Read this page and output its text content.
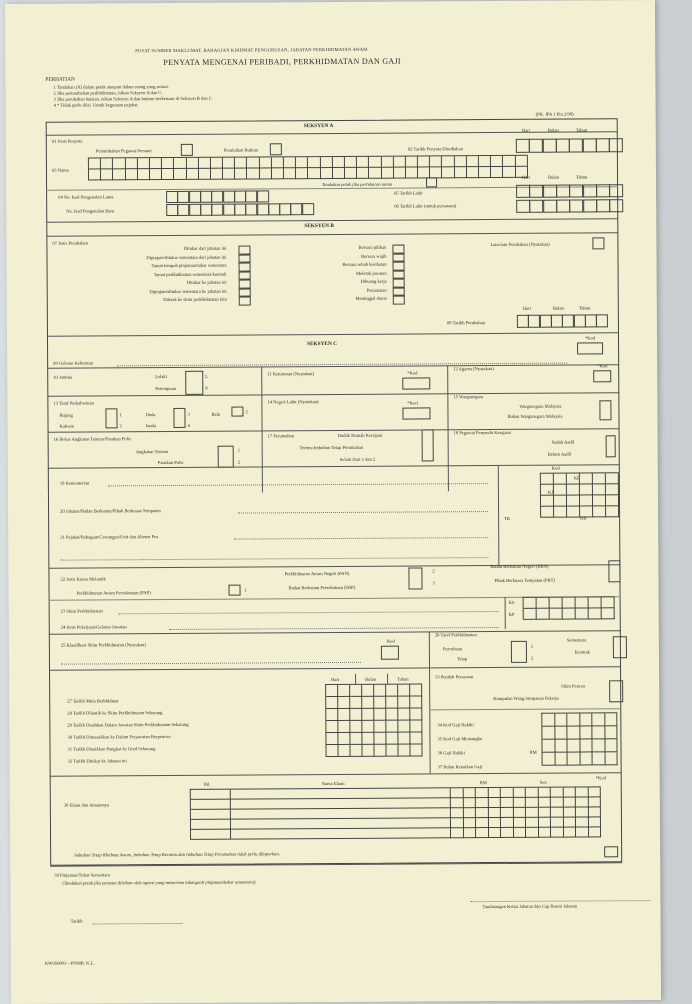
PUSAT SUMBER MAKLUMAT, BAHAGIAN KHIDMAT PENGURUSAN, JABATAN PERKHIDMATAN AWAM
PENYATA MENGENAI PERIBADI, PERKHIDMATAN DAN GAJI
PERHATIAN
1 Tandakan (X) dalam petak ataupun dalam ruang yang sesuai.
2 Jika pertambahan perkhidmatan, isikan Seksyen A dan C.
3 Jika perubahan butiran, isikan Seksyen A dan butiran berkenaan di Seksyen B dan C
4 * Tidak perlu diisi. Untuk kegunaan pejabat.
(PR. JPA 1 Pin 2/98)
SEKSYEN A
01 Jenis Penyata
Pertambahan Pegawai/Senarai	Perubahan Butiran	02 Tarikh Penyata Disediakan
Hari	Bulan	Tahun
03 Nama
Tandakan petak jika pertukaran nama
04 No. Kad Pengenalan Lama
No. Kad Pengenalan Baru
05 Tarikh Lahir
06 Tarikh Lahir (untuk persaraan)
Hari	Bulan	Tahun
SEKSYEN B
07 Jenis Perubahan	Lain-lain Perubahan (Nyatakan)
Ditukar dari jabatan ini
Dipinjam/ditukar sementara dari jabatan ini
Tamat tempoh pinjaman/tukar sementara
Tamat perkhidmatan sementara/kontrak
Ditukar ke jabatan ini
Dipinjam/ditukar sementara ke jabatan ini
Diletak ke skim perkhidmatan lain
Bersara pilihan
Bersara wajib
Bersara sebab kesihatan
Meletak jawatan
Dibuang kerja
Penamatan
Meninggal dunia
08 Tarikh Perubahan
Hari	Bulan	Tahun
SEKSYEN C
*Kod
09 Gelaran Kehormat
10 Jantina	Lelaki
Perempuan
L
P
11 Keturunan (Nyatakan)	*Kod
12 Agama (Nyatakan)
*Kod
13 Taraf Perkahwinan
Bujang	1	Duda	3	Balu	5
Kahwin	2	Janda	4
14 Negeri Lahir (Nyatakan)	*Kod
15 Warganegara
Warganegara Malaysia
Bukan Warganegara Malaysia
16 Bekas Angkatan Tentera/Pasukan Polis
Angkatan Tentera
Pasukan Polis
1
2
17 Perumahan	Duduk Rumah Kerajaan
Terima Imbuhan Tetap Perumahan
Selain Dari 1 dan 2
18 Pegawai Pemandu Kerajaan
Sudah Aadil
Belum Aadil
19 Kementerian
20 Jabatan/Badan Berkanun/Pihak Berkuasa Tempatan
21 Pejabat/Bahagian/Cawangan/Unit dan Alamat Pos
Kod
KR
KJ
TK	KB
22 Jenis Kuasa Melantik
Perkhidmatan Awam Persekutuan (PAP)
1
Perkhidmatan Awam Negeri (PAN)
Badan Berkanun Persekutuan (SBP)
2
3
Badan Berkanun Negeri (BBN)
Pihak Berkuasa Tempatan (PBT)
23 Skim Perkhidmatan
24 Jenis Pekerjaan/Gelaran Jawatan
KS
KP
25 Klasifikasi Skim Perkhidmatan (Nyatakan)
Kod
26 Taraf Perkhidmatan
Percubaan
Tetap
1
2
Sementara
Kontrak
27 Tarikh Mula Berkhidmat
28 Tarikh Dilantik ke Skim Perkhidmatan Sekarang
29 Tarikh Disahkan Dalam Jawatan Skim Perkhidmatan Sekarang
30 Tarikh Dimasukkan ke Dalam Perjawatan Berpencen
31 Tarikh Dinaikkan Pangkat ke Gred Sekarang
32 Tarikh Ditukar ke Jabatan ini
Hari	Bulan	Tahun	33 Pendah Persaraan
Skim Pencen
Kumpulan Wang Simpanan Pekerja
34 Kod Gaji Hakiki
35 Kod Gaji Memangku
36 Gaji Hakiki	RM
37 Bulan Kenaikan Gaji
38 Elaun dan Amaunnya
Bil.	Nama Elaun	RM	Sen
*Kod
Imbuhan Tetap Khidmat Awam, Imbuhan Tetap Keraian dan Imbuhan Tetap Perumahan tidak perlu dilaporkan.
39 Pinjaman/Tukar Sementara
(Tandakan petak jika penyata diisikan oleh agensi yang menerima tukarganti pinjaman/tukar sementara)
Tarikh
Tandatangan Ketua Jabatan dan Cap Rasmi Jabatan
KW050893—PNMB. K.L.
